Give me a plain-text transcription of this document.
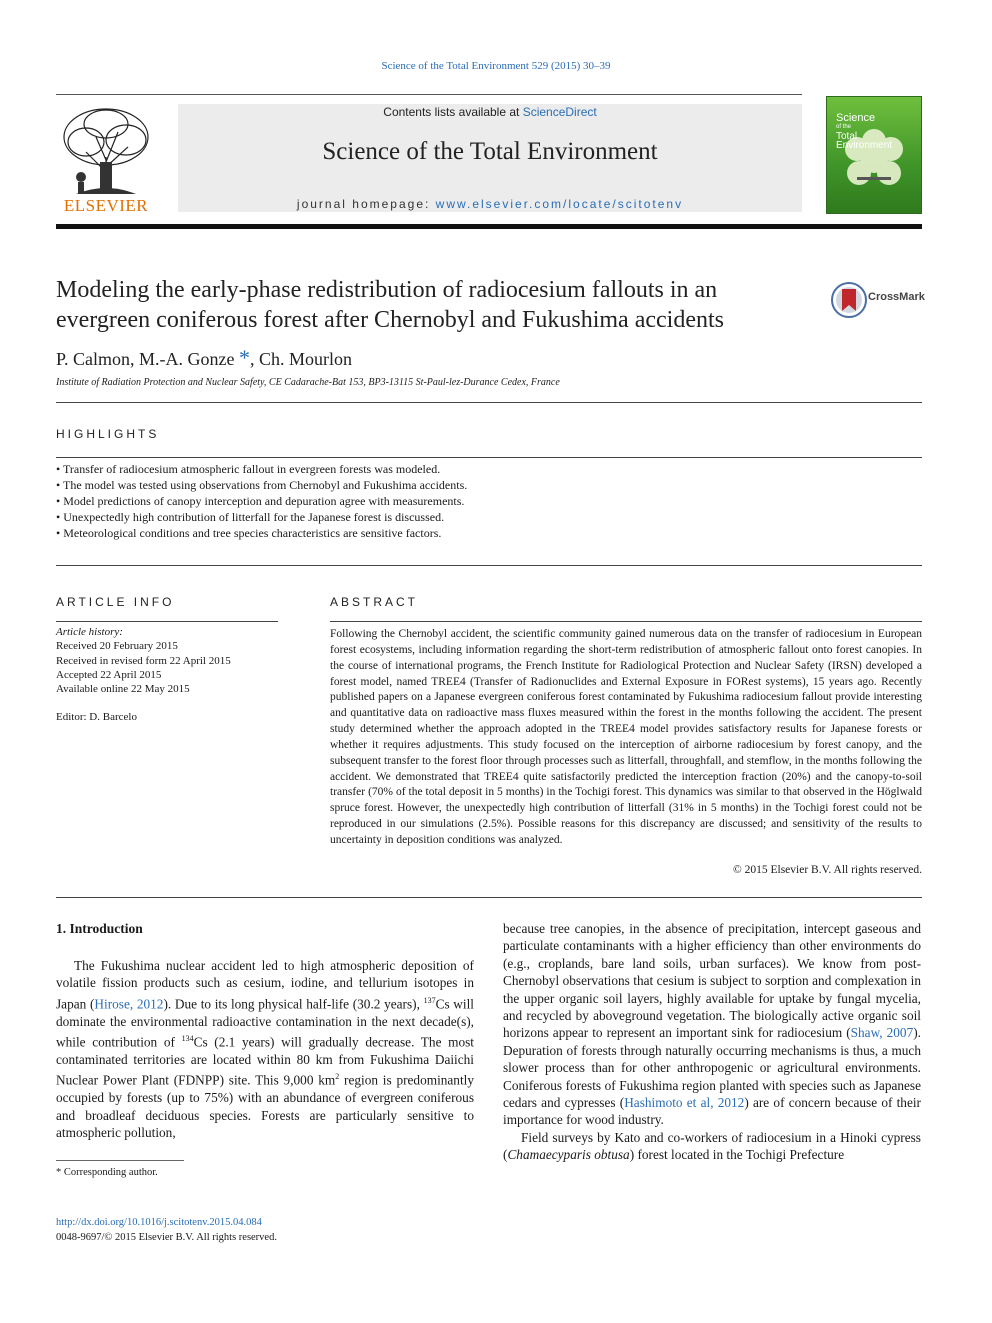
Science of the Total Environment 529 (2015) 30–39
ELSEVIER
Contents lists available at ScienceDirect
Science of the Total Environment
journal homepage: www.elsevier.com/locate/scitotenv
Science
of the
Total Environment
Modeling the early-phase redistribution of radiocesium fallouts in an evergreen coniferous forest after Chernobyl and Fukushima accidents
CrossMark
P. Calmon, M.-A. Gonze *, Ch. Mourlon
Institute of Radiation Protection and Nuclear Safety, CE Cadarache-Bat 153, BP3-13115 St-Paul-lez-Durance Cedex, France
HIGHLIGHTS
• Transfer of radiocesium atmospheric fallout in evergreen forests was modeled.
• The model was tested using observations from Chernobyl and Fukushima accidents.
• Model predictions of canopy interception and depuration agree with measurements.
• Unexpectedly high contribution of litterfall for the Japanese forest is discussed.
• Meteorological conditions and tree species characteristics are sensitive factors.
ARTICLE INFO
Article history:
Received 20 February 2015
Received in revised form 22 April 2015
Accepted 22 April 2015
Available online 22 May 2015
Editor: D. Barcelo
ABSTRACT
Following the Chernobyl accident, the scientific community gained numerous data on the transfer of radiocesium in European forest ecosystems, including information regarding the short-term redistribution of atmospheric fallout onto forest canopies. In the course of international programs, the French Institute for Radiological Protection and Nuclear Safety (IRSN) developed a forest model, named TREE4 (Transfer of Radionuclides and External Exposure in FORest systems), 15 years ago. Recently published papers on a Japanese evergreen coniferous forest contaminated by Fukushima radiocesium fallout provide interesting and quantitative data on radioactive mass fluxes measured within the forest in the months following the accident. The present study determined whether the approach adopted in the TREE4 model provides satisfactory results for Japanese forests or whether it requires adjustments. This study focused on the interception of airborne radiocesium by forest canopy, and the subsequent transfer to the forest floor through processes such as litterfall, throughfall, and stemflow, in the months following the accident. We demonstrated that TREE4 quite satisfactorily predicted the interception fraction (20%) and the canopy-to-soil transfer (70% of the total deposit in 5 months) in the Tochigi forest. This dynamics was similar to that observed in the Höglwald spruce forest. However, the unexpectedly high contribution of litterfall (31% in 5 months) in the Tochigi forest could not be reproduced in our simulations (2.5%). Possible reasons for this discrepancy are discussed; and sensitivity of the results to uncertainty in deposition conditions was analyzed.
© 2015 Elsevier B.V. All rights reserved.
1. Introduction
The Fukushima nuclear accident led to high atmospheric deposition of volatile fission products such as cesium, iodine, and tellurium isotopes in Japan (Hirose, 2012). Due to its long physical half-life (30.2 years), $^{137}$Cs will dominate the environmental radioactive contamination in the next decade(s), while contribution of $^{134}$Cs (2.1 years) will gradually decrease. The most contaminated territories are located within 80 km from Fukushima Daiichi Nuclear Power Plant (FDNPP) site. This 9,000 $km^2$ region is predominantly occupied by forests (up to 75%) with an abundance of evergreen coniferous and broadleaf deciduous species. Forests are particularly sensitive to atmospheric pollution,
because tree canopies, in the absence of precipitation, intercept gaseous and particulate contaminants with a higher efficiency than other environments do (e.g., croplands, bare land soils, urban surfaces). We know from post-Chernobyl observations that cesium is subject to sorption and complexation in the upper organic soil layers, highly available for uptake by fungal mycelia, and recycled by aboveground vegetation. The biologically active organic soil horizons appear to represent an important sink for radiocesium (Shaw, 2007). Depuration of forests through naturally occurring mechanisms is thus, a much slower process than for other anthropogenic or agricultural environments. Coniferous forests of Fukushima region planted with species such as Japanese cedars and cypresses (Hashimoto et al, 2012) are of concern because of their importance for wood industry.
Field surveys by Kato and co-workers of radiocesium in a Hinoki cypress (Chamaecyparis obtusa) forest located in the Tochigi Prefecture
* Corresponding author.
http://dx.doi.org/10.1016/j.scitotenv.2015.04.084
0048-9697/© 2015 Elsevier B.V. All rights reserved.
